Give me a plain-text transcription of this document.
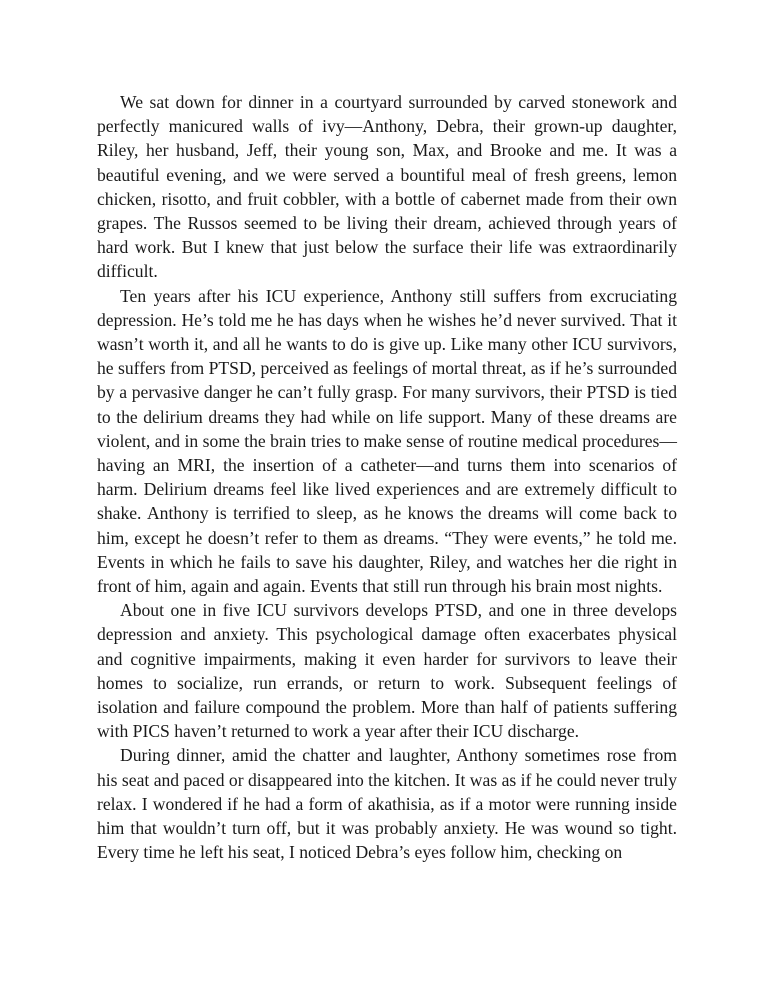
We sat down for dinner in a courtyard surrounded by carved stonework and perfectly manicured walls of ivy—Anthony, Debra, their grown-up daughter, Riley, her husband, Jeff, their young son, Max, and Brooke and me. It was a beautiful evening, and we were served a bountiful meal of fresh greens, lemon chicken, risotto, and fruit cobbler, with a bottle of cabernet made from their own grapes. The Russos seemed to be living their dream, achieved through years of hard work. But I knew that just below the surface their life was extraordinarily difficult.

Ten years after his ICU experience, Anthony still suffers from excruciating depression. He’s told me he has days when he wishes he’d never survived. That it wasn’t worth it, and all he wants to do is give up. Like many other ICU survivors, he suffers from PTSD, perceived as feelings of mortal threat, as if he’s surrounded by a pervasive danger he can’t fully grasp. For many survivors, their PTSD is tied to the delirium dreams they had while on life support. Many of these dreams are violent, and in some the brain tries to make sense of routine medical procedures—having an MRI, the insertion of a catheter—and turns them into scenarios of harm. Delirium dreams feel like lived experiences and are extremely difficult to shake. Anthony is terrified to sleep, as he knows the dreams will come back to him, except he doesn’t refer to them as dreams. “They were events,” he told me. Events in which he fails to save his daughter, Riley, and watches her die right in front of him, again and again. Events that still run through his brain most nights.

About one in five ICU survivors develops PTSD, and one in three develops depression and anxiety. This psychological damage often exacerbates physical and cognitive impairments, making it even harder for survivors to leave their homes to socialize, run errands, or return to work. Subsequent feelings of isolation and failure compound the problem. More than half of patients suffering with PICS haven’t returned to work a year after their ICU discharge.

During dinner, amid the chatter and laughter, Anthony sometimes rose from his seat and paced or disappeared into the kitchen. It was as if he could never truly relax. I wondered if he had a form of akathisia, as if a motor were running inside him that wouldn’t turn off, but it was probably anxiety. He was wound so tight. Every time he left his seat, I noticed Debra’s eyes follow him, checking on
